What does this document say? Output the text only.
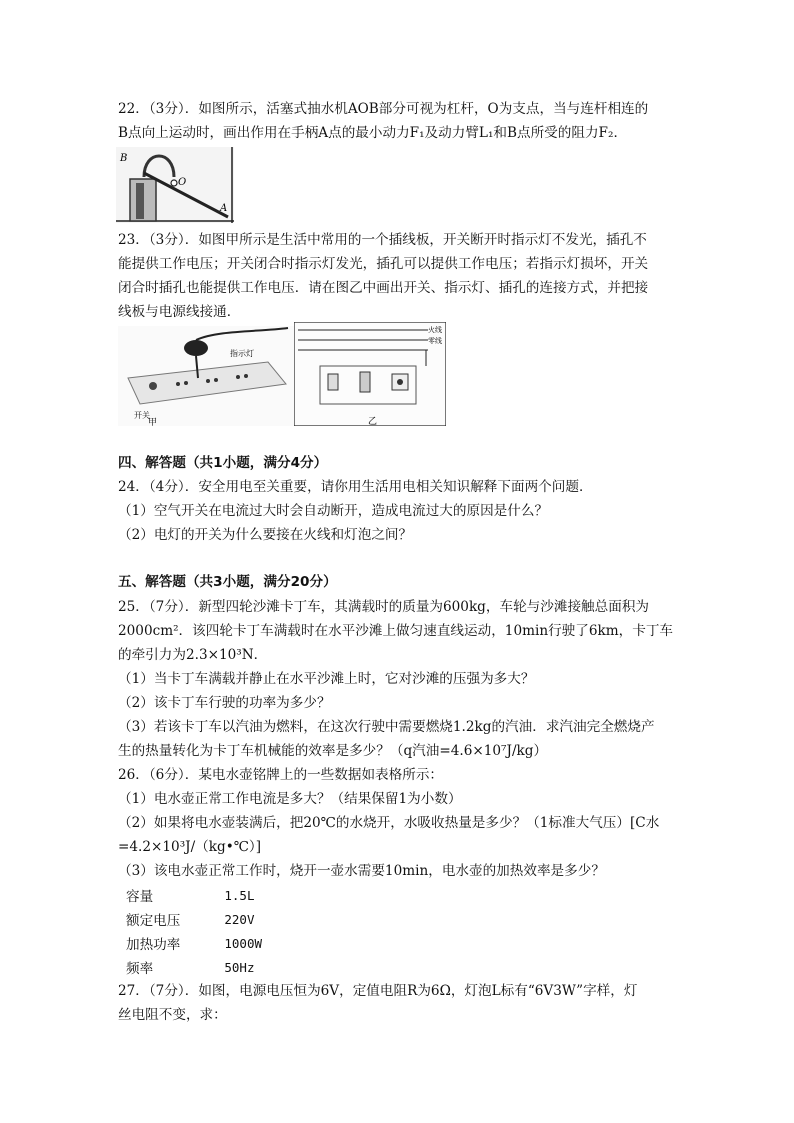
22．（3分）．如图所示，活塞式抽水机AOB部分可视为杠杆，O为支点，当与连杆相连的
B点向上运动时，画出作用在手柄A点的最小动力F₁及动力臂L₁和B点所受的阻力F₂．
B
O
A
23．（3分）．如图甲所示是生活中常用的一个插线板，开关断开时指示灯不发光，插孔不
能提供工作电压；开关闭合时指示灯发光，插孔可以提供工作电压；若指示灯损坏，开关
闭合时插孔也能提供工作电压．请在图乙中画出开关、指示灯、插孔的连接方式，并把接
线板与电源线接通．
指示灯
开关
甲
火线
零线
乙
四、解答题（共1小题，满分4分）
24．（4分）．安全用电至关重要，请你用生活用电相关知识解释下面两个问题．
（1）空气开关在电流过大时会自动断开，造成电流过大的原因是什么？
（2）电灯的开关为什么要接在火线和灯泡之间？
五、解答题（共3小题，满分20分）
25．（7分）．新型四轮沙滩卡丁车，其满载时的质量为600kg，车轮与沙滩接触总面积为
2000cm²．该四轮卡丁车满载时在水平沙滩上做匀速直线运动，10min行驶了6km，卡丁车
的牵引力为2.3×10³N．
（1）当卡丁车满载并静止在水平沙滩上时，它对沙滩的压强为多大？
（2）该卡丁车行驶的功率为多少？
（3）若该卡丁车以汽油为燃料，在这次行驶中需要燃烧1.2kg的汽油．求汽油完全燃烧产
生的热量转化为卡丁车机械能的效率是多少？（q汽油=4.6×10⁷J/kg）
26．（6分）．某电水壶铭牌上的一些数据如表格所示：
（1）电水壶正常工作电流是多大？（结果保留1为小数）
（2）如果将电水壶装满后，把20℃的水烧开，水吸收热量是多少？（1标准大气压）[C水
=4.2×10³J/（kg•℃）]
（3）该电水壶正常工作时，烧开一壶水需要10min，电水壶的加热效率是多少？
容量	1.5L
额定电压	220V
加热功率	1000W
频率	50Hz
27．（7分）．如图，电源电压恒为6V，定值电阻R为6Ω，灯泡L标有“6V3W”字样，灯
丝电阻不变，求：
